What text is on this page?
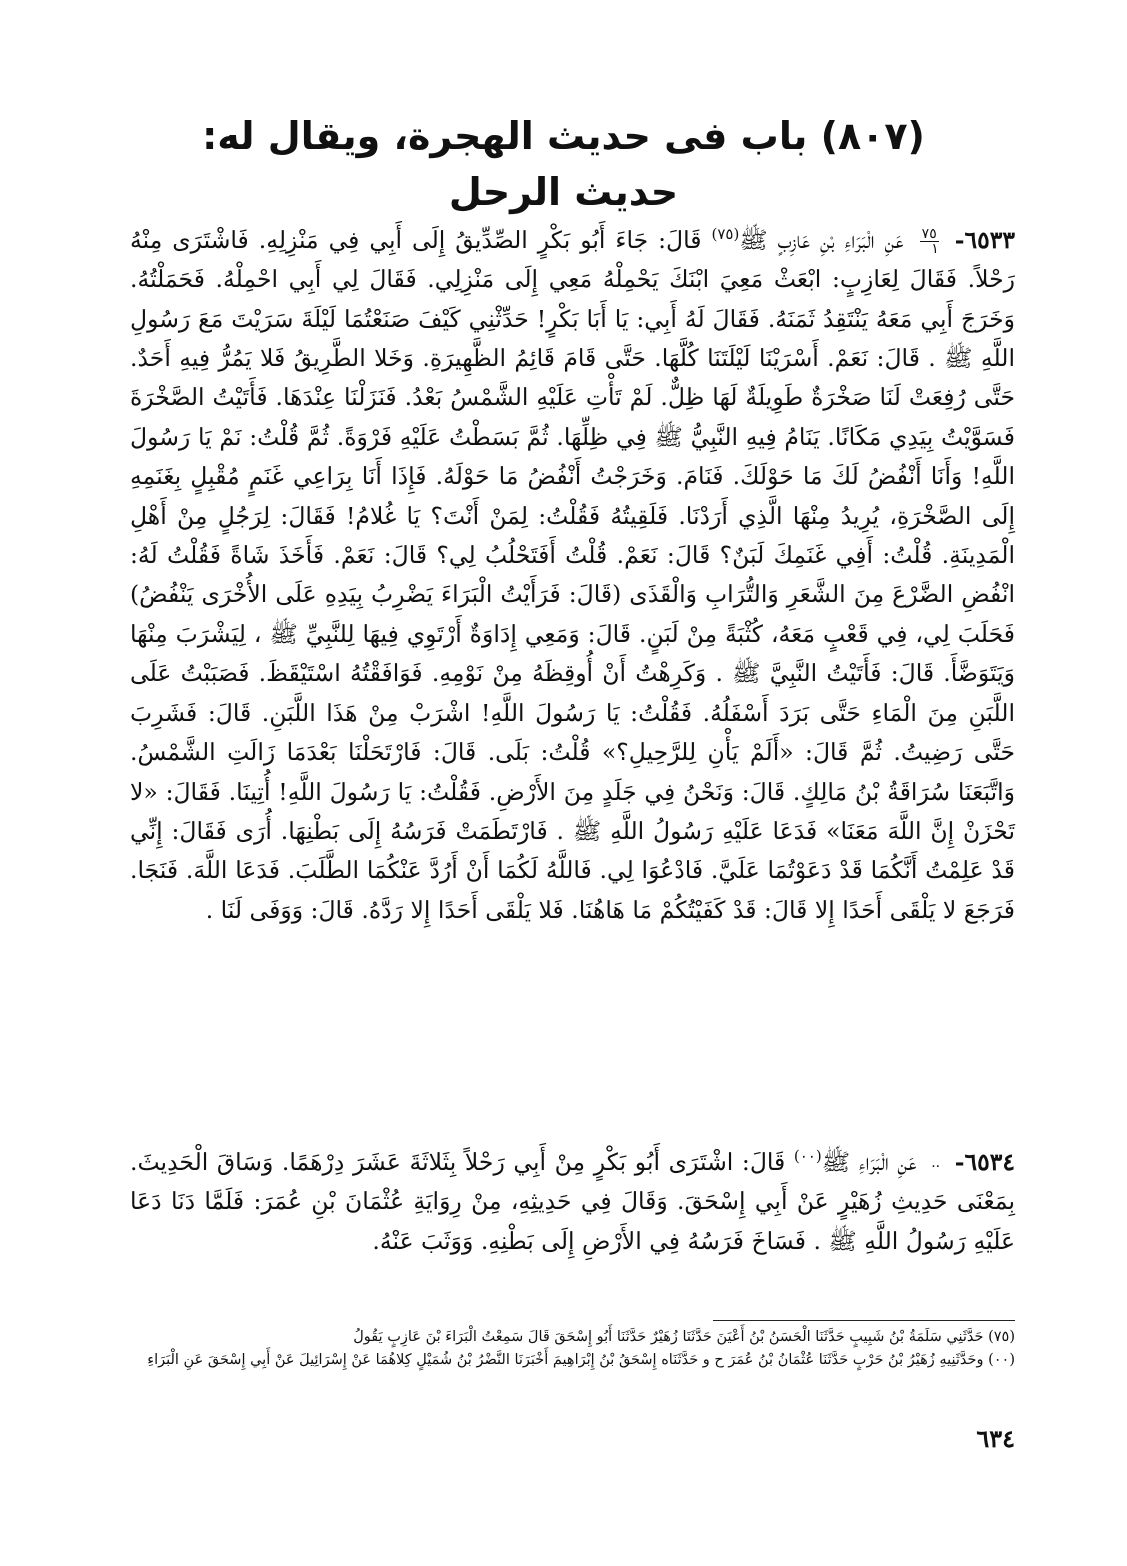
(٨٠٧) باب فى حديث الهجرة، ويقال له: حديث الرحل
٦٥٣٣-
$\frac{٧٥}{١}$
عَنِ الْبَرَاءِ بْنِ عَازِبٍ ﷺ$^{(٧٥)}$ قَالَ: جَاءَ أَبُو بَكْرٍ الصِّدِّيقُ إِلَى أَبِي فِي مَنْزِلِهِ. فَاشْتَرَى مِنْهُ رَحْلاً. فَقَالَ لِعَازِبٍ: ابْعَثْ مَعِيَ ابْنَكَ يَحْمِلْهُ مَعِي إِلَى مَنْزِلِي. فَقَالَ لِي أَبِي احْمِلْهُ. فَحَمَلْتُهُ. وَخَرَجَ أَبِي مَعَهُ يَنْتَقِدُ ثَمَنَهُ. فَقَالَ لَهُ أَبِي: يَا أَبَا بَكْرٍ! حَدِّثْنِي كَيْفَ صَنَعْتُمَا لَيْلَةَ سَرَيْتَ مَعَ رَسُولِ اللَّهِ ﷺ . قَالَ: نَعَمْ. أَسْرَيْنَا لَيْلَتَنَا كُلَّهَا. حَتَّى قَامَ قَائِمُ الظَّهِيرَةِ. وَخَلا الطَّرِيقُ فَلا يَمُرُّ فِيهِ أَحَدٌ. حَتَّى رُفِعَتْ لَنَا صَخْرَةٌ طَوِيلَةٌ لَهَا ظِلٌّ. لَمْ تَأْتِ عَلَيْهِ الشَّمْسُ بَعْدُ. فَنَزَلْنَا عِنْدَهَا. فَأَتَيْتُ الصَّخْرَةَ فَسَوَّيْتُ بِيَدِي مَكَانًا. يَنَامُ فِيهِ النَّبِيُّ ﷺ فِي ظِلِّهَا. ثُمَّ بَسَطْتُ عَلَيْهِ فَرْوَةً. ثُمَّ قُلْتُ: نَمْ يَا رَسُولَ اللَّهِ! وَأَنَا أَنْفُضُ لَكَ مَا حَوْلَكَ. فَنَامَ. وَخَرَجْتُ أَنْفُضُ مَا حَوْلَهُ. فَإِذَا أَنَا بِرَاعِي غَنَمٍ مُقْبِلٍ بِغَنَمِهِ إِلَى الصَّخْرَةِ، يُرِيدُ مِنْهَا الَّذِي أَرَدْنَا. فَلَقِيتُهُ فَقُلْتُ: لِمَنْ أَنْتَ؟ يَا غُلامُ! فَقَالَ: لِرَجُلٍ مِنْ أَهْلِ الْمَدِينَةِ. قُلْتُ: أَفِي غَنَمِكَ لَبَنٌ؟ قَالَ: نَعَمْ. قُلْتُ أَفَتَحْلُبُ لِي؟ قَالَ: نَعَمْ. فَأَخَذَ شَاةً فَقُلْتُ لَهُ: انْفُضِ الضَّرْعَ مِنَ الشَّعَرِ وَالتُّرَابِ وَالْقَذَى (قَالَ: فَرَأَيْتُ الْبَرَاءَ يَضْرِبُ بِيَدِهِ عَلَى الأُخْرَى يَنْفُضُ) فَحَلَبَ لِي، فِي قَعْبٍ مَعَهُ، كُثْبَةً مِنْ لَبَنٍ. قَالَ: وَمَعِي إِدَاوَةٌ أَرْتَوِي فِيهَا لِلنَّبِيِّ ﷺ ، لِيَشْرَبَ مِنْهَا وَيَتَوَضَّأَ. قَالَ: فَأَتَيْتُ النَّبِيَّ ﷺ . وَكَرِهْتُ أَنْ أُوقِظَهُ مِنْ نَوْمِهِ. فَوَافَقْتُهُ اسْتَيْقَظَ. فَصَبَبْتُ عَلَى اللَّبَنِ مِنَ الْمَاءِ حَتَّى بَرَدَ أَسْفَلُهُ. فَقُلْتُ: يَا رَسُولَ اللَّهِ! اشْرَبْ مِنْ هَذَا اللَّبَنِ. قَالَ: فَشَرِبَ حَتَّى رَضِيتُ. ثُمَّ قَالَ: «أَلَمْ يَأْنِ لِلرَّحِيلِ؟» قُلْتُ: بَلَى. قَالَ: فَارْتَحَلْنَا بَعْدَمَا زَالَتِ الشَّمْسُ. وَاتَّبَعَنَا سُرَاقَةُ بْنُ مَالِكٍ. قَالَ: وَنَحْنُ فِي جَلَدٍ مِنَ الأَرْضِ. فَقُلْتُ: يَا رَسُولَ اللَّهِ! أُتِينَا. فَقَالَ: «لا تَحْزَنْ إِنَّ اللَّهَ مَعَنَا» فَدَعَا عَلَيْهِ رَسُولُ اللَّهِ ﷺ . فَارْتَطَمَتْ فَرَسُهُ إِلَى بَطْنِهَا. أُرَى فَقَالَ: إِنِّي قَدْ عَلِمْتُ أَنَّكُمَا قَدْ دَعَوْتُمَا عَلَيَّ. فَادْعُوَا لِي. فَاللَّهُ لَكُمَا أَنْ أَرُدَّ عَنْكُمَا الطَّلَبَ. فَدَعَا اللَّهَ. فَنَجَا. فَرَجَعَ لا يَلْقَى أَحَدًا إِلا قَالَ: قَدْ كَفَيْتُكُمْ مَا هَاهُنَا. فَلا يَلْقَى أَحَدًا إِلا رَدَّهُ. قَالَ: وَوَفَى لَنَا .
٦٥٣٤-
..
عَنِ الْبَرَاءِ ﷺ$^{(٠٠)}$ قَالَ: اشْتَرَى أَبُو بَكْرٍ مِنْ أَبِي رَحْلاً بِثَلاثَةَ عَشَرَ دِرْهَمًا. وَسَاقَ الْحَدِيثَ. بِمَعْنَى حَدِيثِ زُهَيْرٍ عَنْ أَبِي إِسْحَقَ. وَقَالَ فِي حَدِيثِهِ، مِنْ رِوَايَةِ عُثْمَانَ بْنِ عُمَرَ: فَلَمَّا دَنَا دَعَا عَلَيْهِ رَسُولُ اللَّهِ ﷺ . فَسَاخَ فَرَسُهُ فِي الأَرْضِ إِلَى بَطْنِهِ. وَوَثَبَ عَنْهُ.

(٧٥) حَدَّثَنِي سَلَمَةُ بْنُ شَبِيبٍ حَدَّثَنَا الْحَسَنُ بْنُ أَعْيَنَ حَدَّثَنَا زُهَيْرٌ حَدَّثَنَا أَبُو إِسْحَقَ قَالَ سَمِعْتُ الْبَرَاءَ بْنَ عَازِبٍ يَقُولُ

(٠٠) وحَدَّثَنِيهِ زُهَيْرُ بْنُ حَرْبٍ حَدَّثَنَا عُثْمَانُ بْنُ عُمَرَ ح و حَدَّثَنَاه إِسْحَقُ بْنُ إِبْرَاهِيمَ أَخْبَرَنَا النَّضْرُ بْنُ شُمَيْلٍ كِلاهُمَا عَنْ إِسْرَائِيلَ عَنْ أَبِي إِسْحَقَ عَنِ الْبَرَاءِ

٦٣٤
